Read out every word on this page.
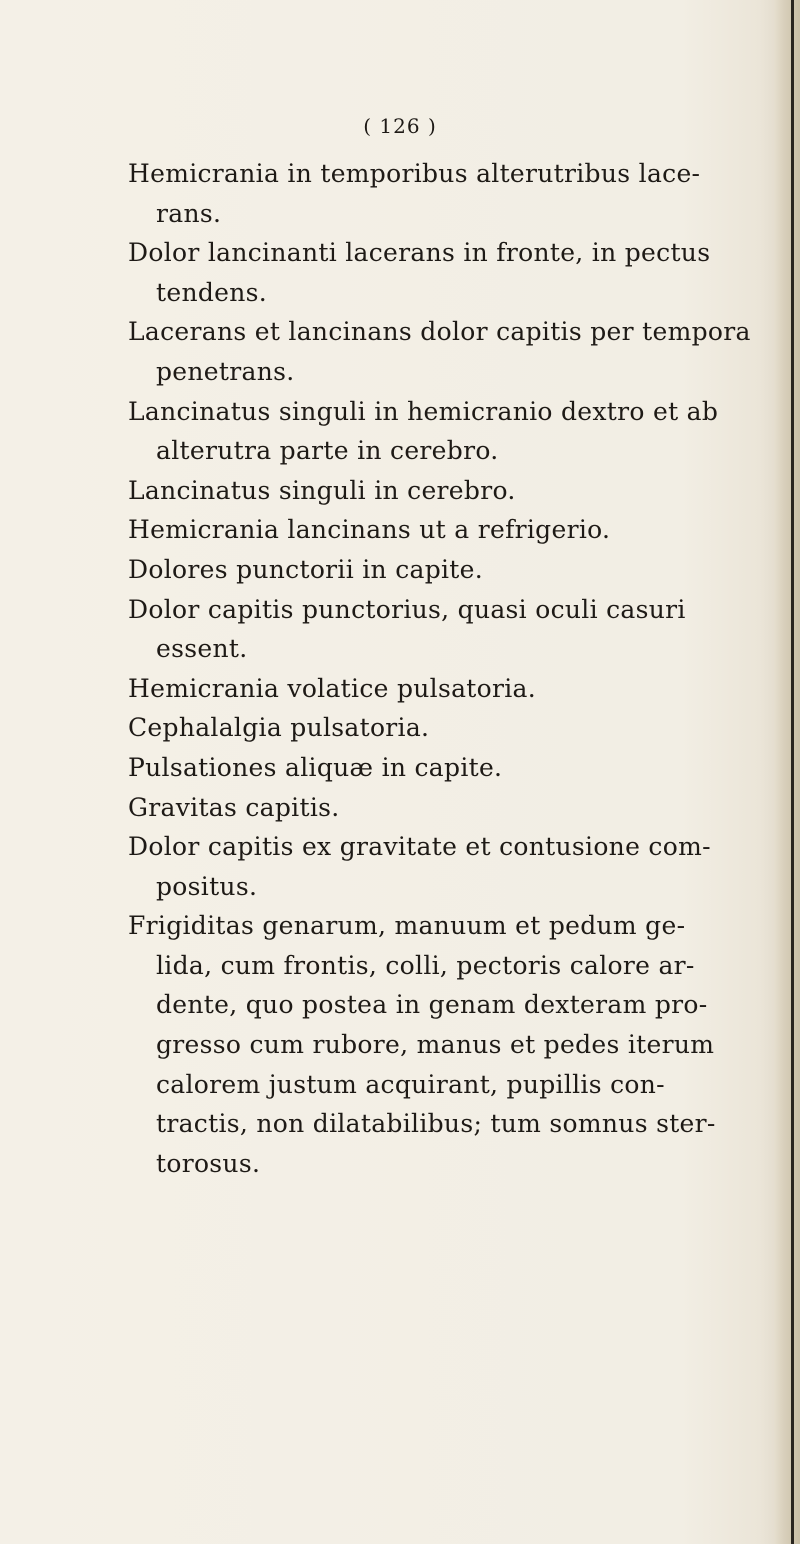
( 126 )

Hemicrania in temporibus alterutribus lace-
rans.

Dolor lancinanti lacerans in fronte, in pectus
tendens.

Lacerans et lancinans dolor capitis per tempora
penetrans.

Lancinatus singuli in hemicranio dextro et ab
alterutra parte in cerebro.

Lancinatus singuli in cerebro.

Hemicrania lancinans ut a refrigerio.

Dolores punctorii in capite.

Dolor capitis punctorius, quasi oculi casuri
essent.

Hemicrania volatice pulsatoria.

Cephalalgia pulsatoria.

Pulsationes aliquæ in capite.

Gravitas capitis.

Dolor capitis ex gravitate et contusione com-
positus.

Frigiditas genarum, manuum et pedum ge-
lida, cum frontis, colli, pectoris calore ar-
dente, quo postea in genam dexteram pro-
gresso cum rubore, manus et pedes iterum
calorem justum acquirant, pupillis con-
tractis, non dilatabilibus; tum somnus ster-
torosus.
